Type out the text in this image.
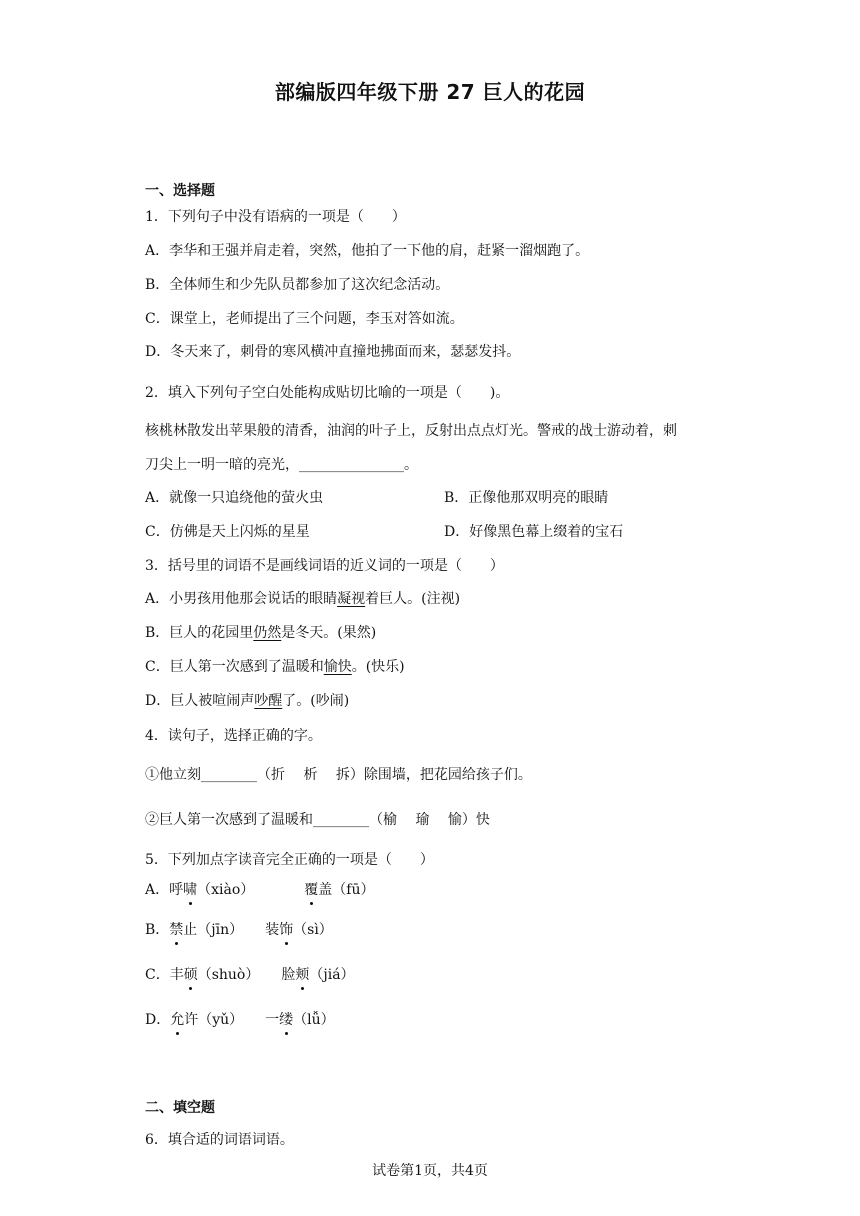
部编版四年级下册 27 巨人的花园
一、选择题
1．下列句子中没有语病的一项是（　　）
A．李华和王强并肩走着，突然，他拍了一下他的肩，赶紧一溜烟跑了。
B．全体师生和少先队员都参加了这次纪念活动。
C．课堂上，老师提出了三个问题，李玉对答如流。
D．冬天来了，刺骨的寒风横冲直撞地拂面而来，瑟瑟发抖。
2．填入下列句子空白处能构成贴切比喻的一项是（　　)。
核桃林散发出苹果般的清香，油润的叶子上，反射出点点灯光。警戒的战士游动着，刺
刀尖上一明一暗的亮光，_______________。
A．就像一只追绕他的萤火虫	B．正像他那双明亮的眼睛
C．仿佛是天上闪烁的星星	D．好像黑色幕上缀着的宝石
3．括号里的词语不是画线词语的近义词的一项是（　　）
A．小男孩用他那会说话的眼睛凝视着巨人。(注视)
B．巨人的花园里仍然是冬天。(果然)
C．巨人第一次感到了温暖和愉快。(快乐)
D．巨人被喧闹声吵醒了。(吵闹)
4．读句子，选择正确的字。
①他立刻________（折　 析　 拆）除围墙，把花园给孩子们。
②巨人第一次感到了温暖和________（榆　 瑜　 愉）快
5．下列加点字读音完全正确的一项是（　　）
A．呼啸（xiào）	覆盖（fū）
B．禁止（jīn） 装饰（sì）
C．丰硕（shuò） 脸颊（jiá）
D．允许（yǔ） 一缕（lǚ）
二、填空题
6．填合适的词语词语。
试卷第1页，共4页
